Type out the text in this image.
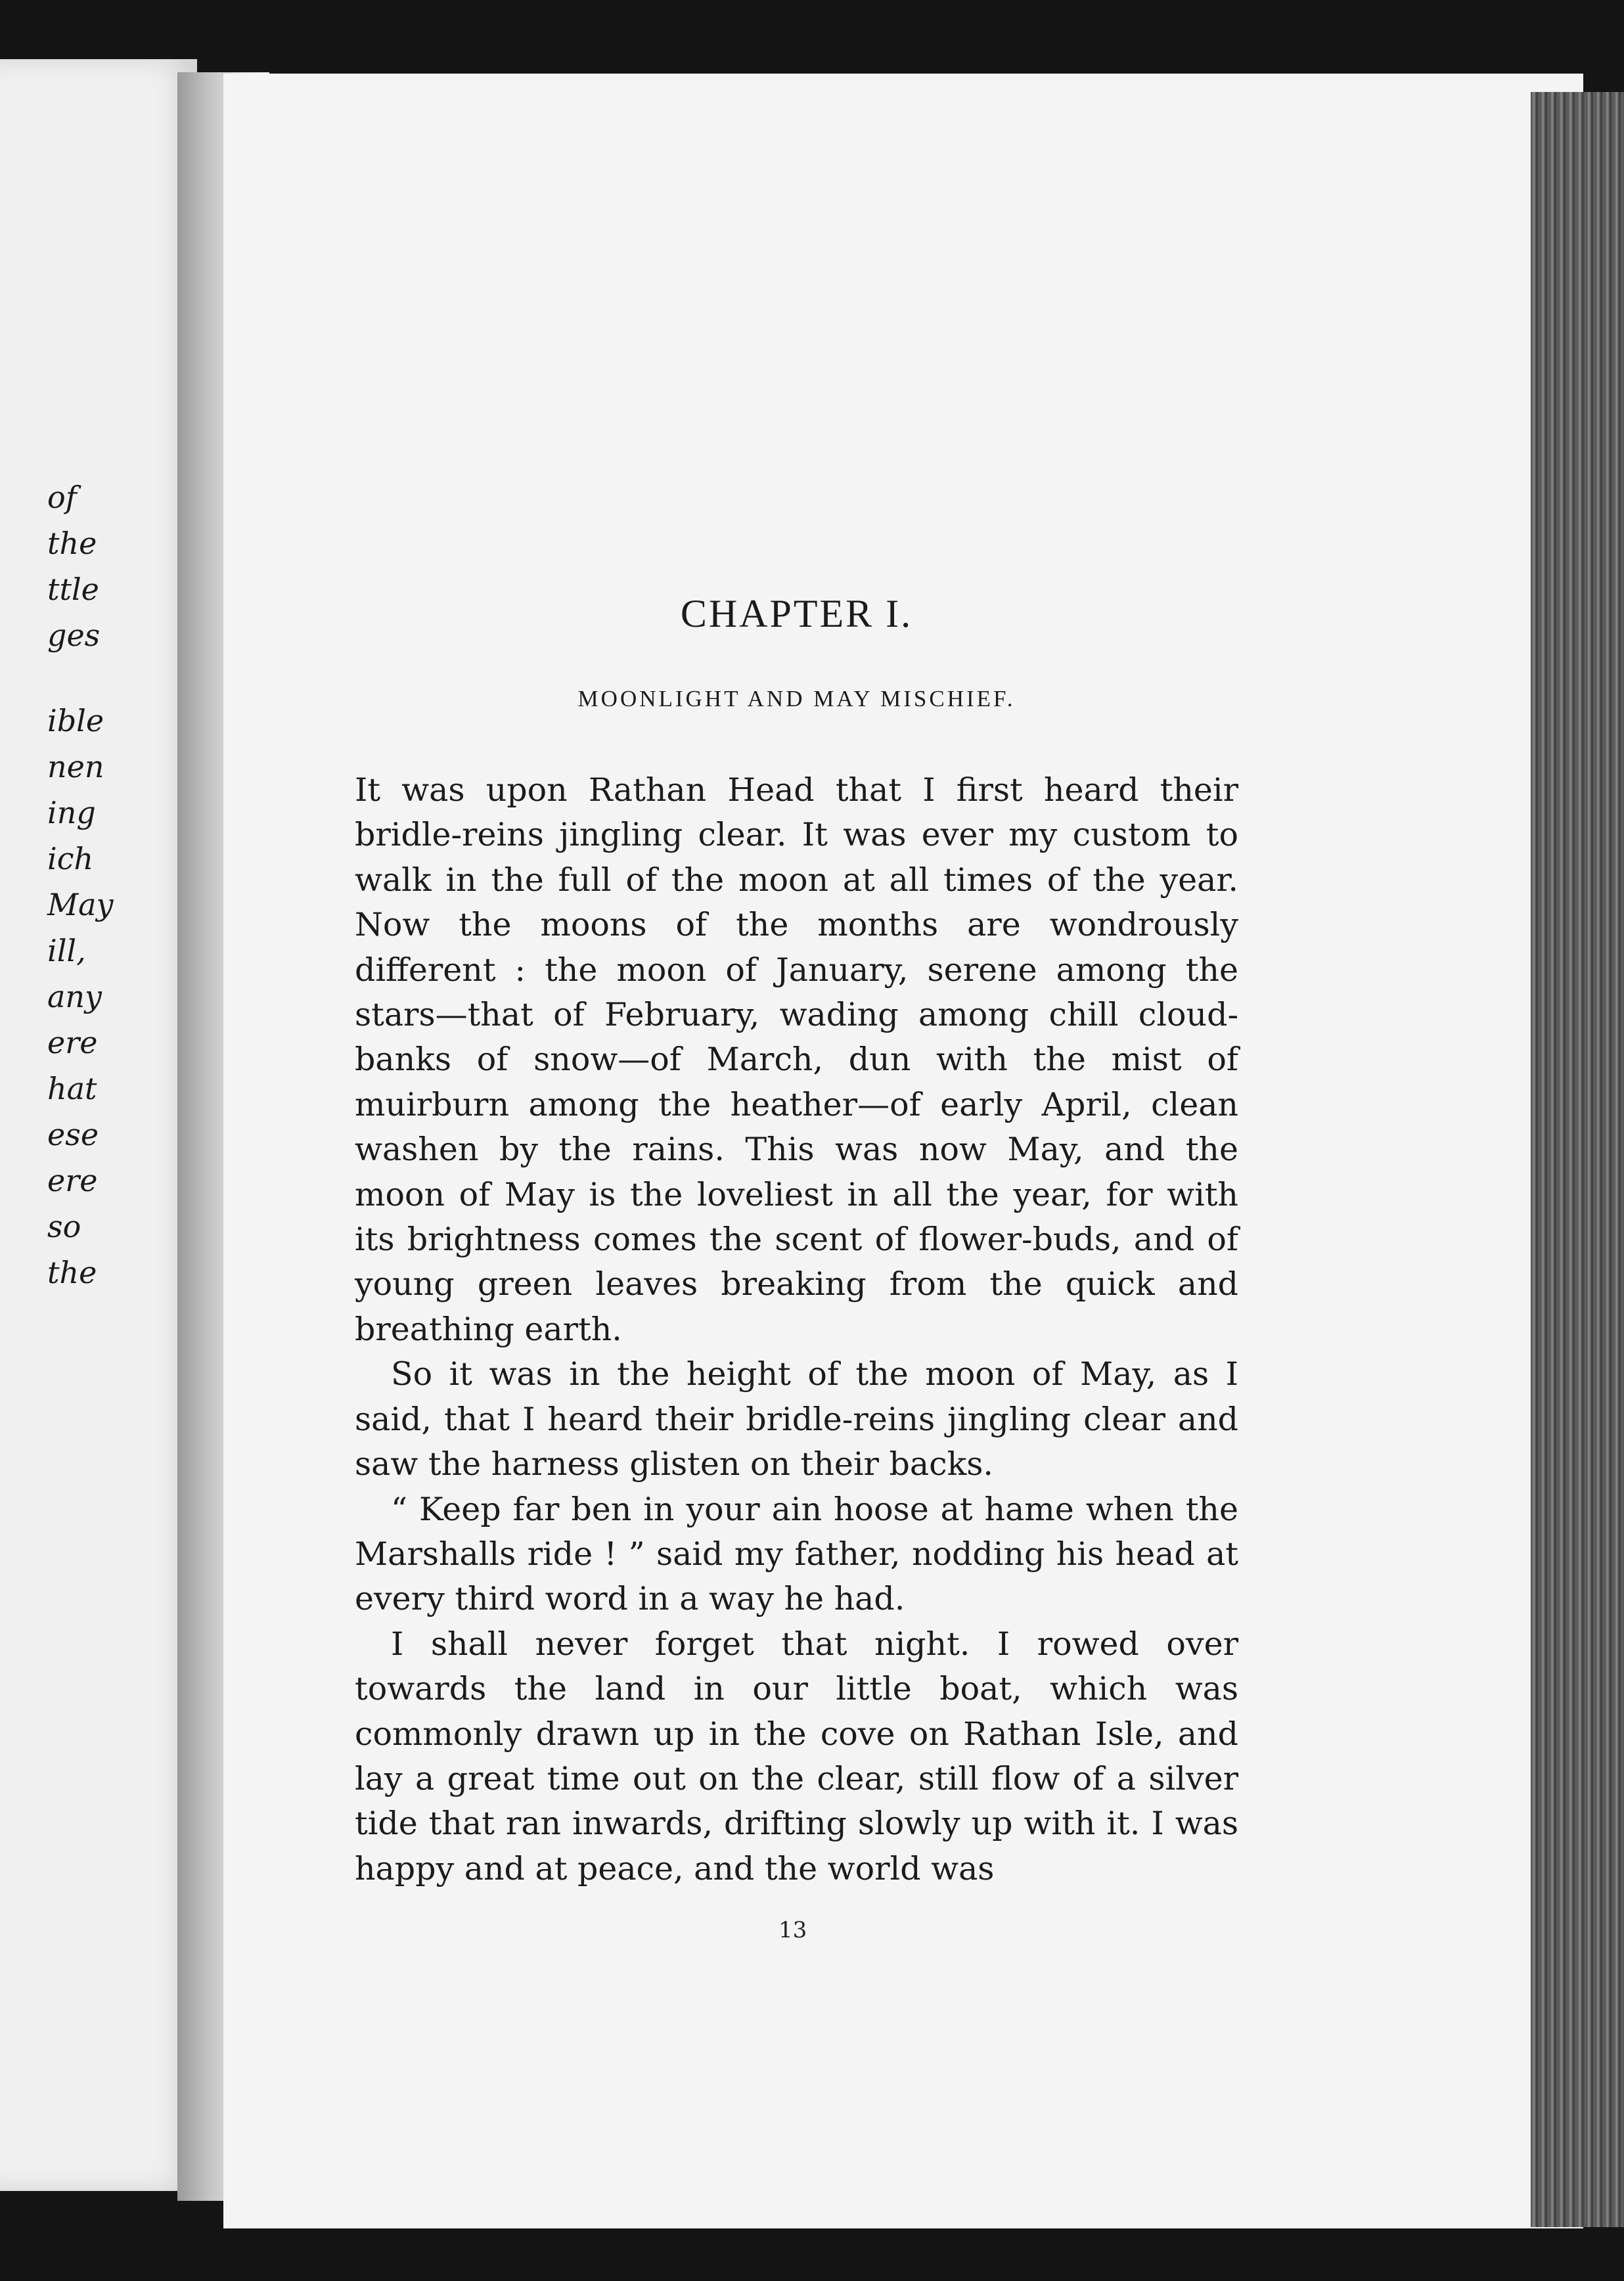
of
the
ttle
ges
ible
nen
ing
ich
May
ill,
any
ere
hat
ese
ere
so
the
CHAPTER I.
MOONLIGHT AND MAY MISCHIEF.

It was upon Rathan Head that I first heard their bridle-reins jingling clear. It was ever my custom to walk in the full of the moon at all times of the year. Now the moons of the months are wondrously different : the moon of January, serene among the stars—that of February, wading among chill cloud-banks of snow—of March, dun with the mist of muirburn among the heather—of early April, clean washen by the rains. This was now May, and the moon of May is the loveliest in all the year, for with its brightness comes the scent of flower-buds, and of young green leaves breaking from the quick and breathing earth.

So it was in the height of the moon of May, as I said, that I heard their bridle-reins jingling clear and saw the harness glisten on their backs.

“ Keep far ben in your ain hoose at hame when the Marshalls ride ! ” said my father, nodding his head at every third word in a way he had.

I shall never forget that night. I rowed over towards the land in our little boat, which was commonly drawn up in the cove on Rathan Isle, and lay a great time out on the clear, still flow of a silver tide that ran inwards, drifting slowly up with it. I was happy and at peace, and the world was

13
